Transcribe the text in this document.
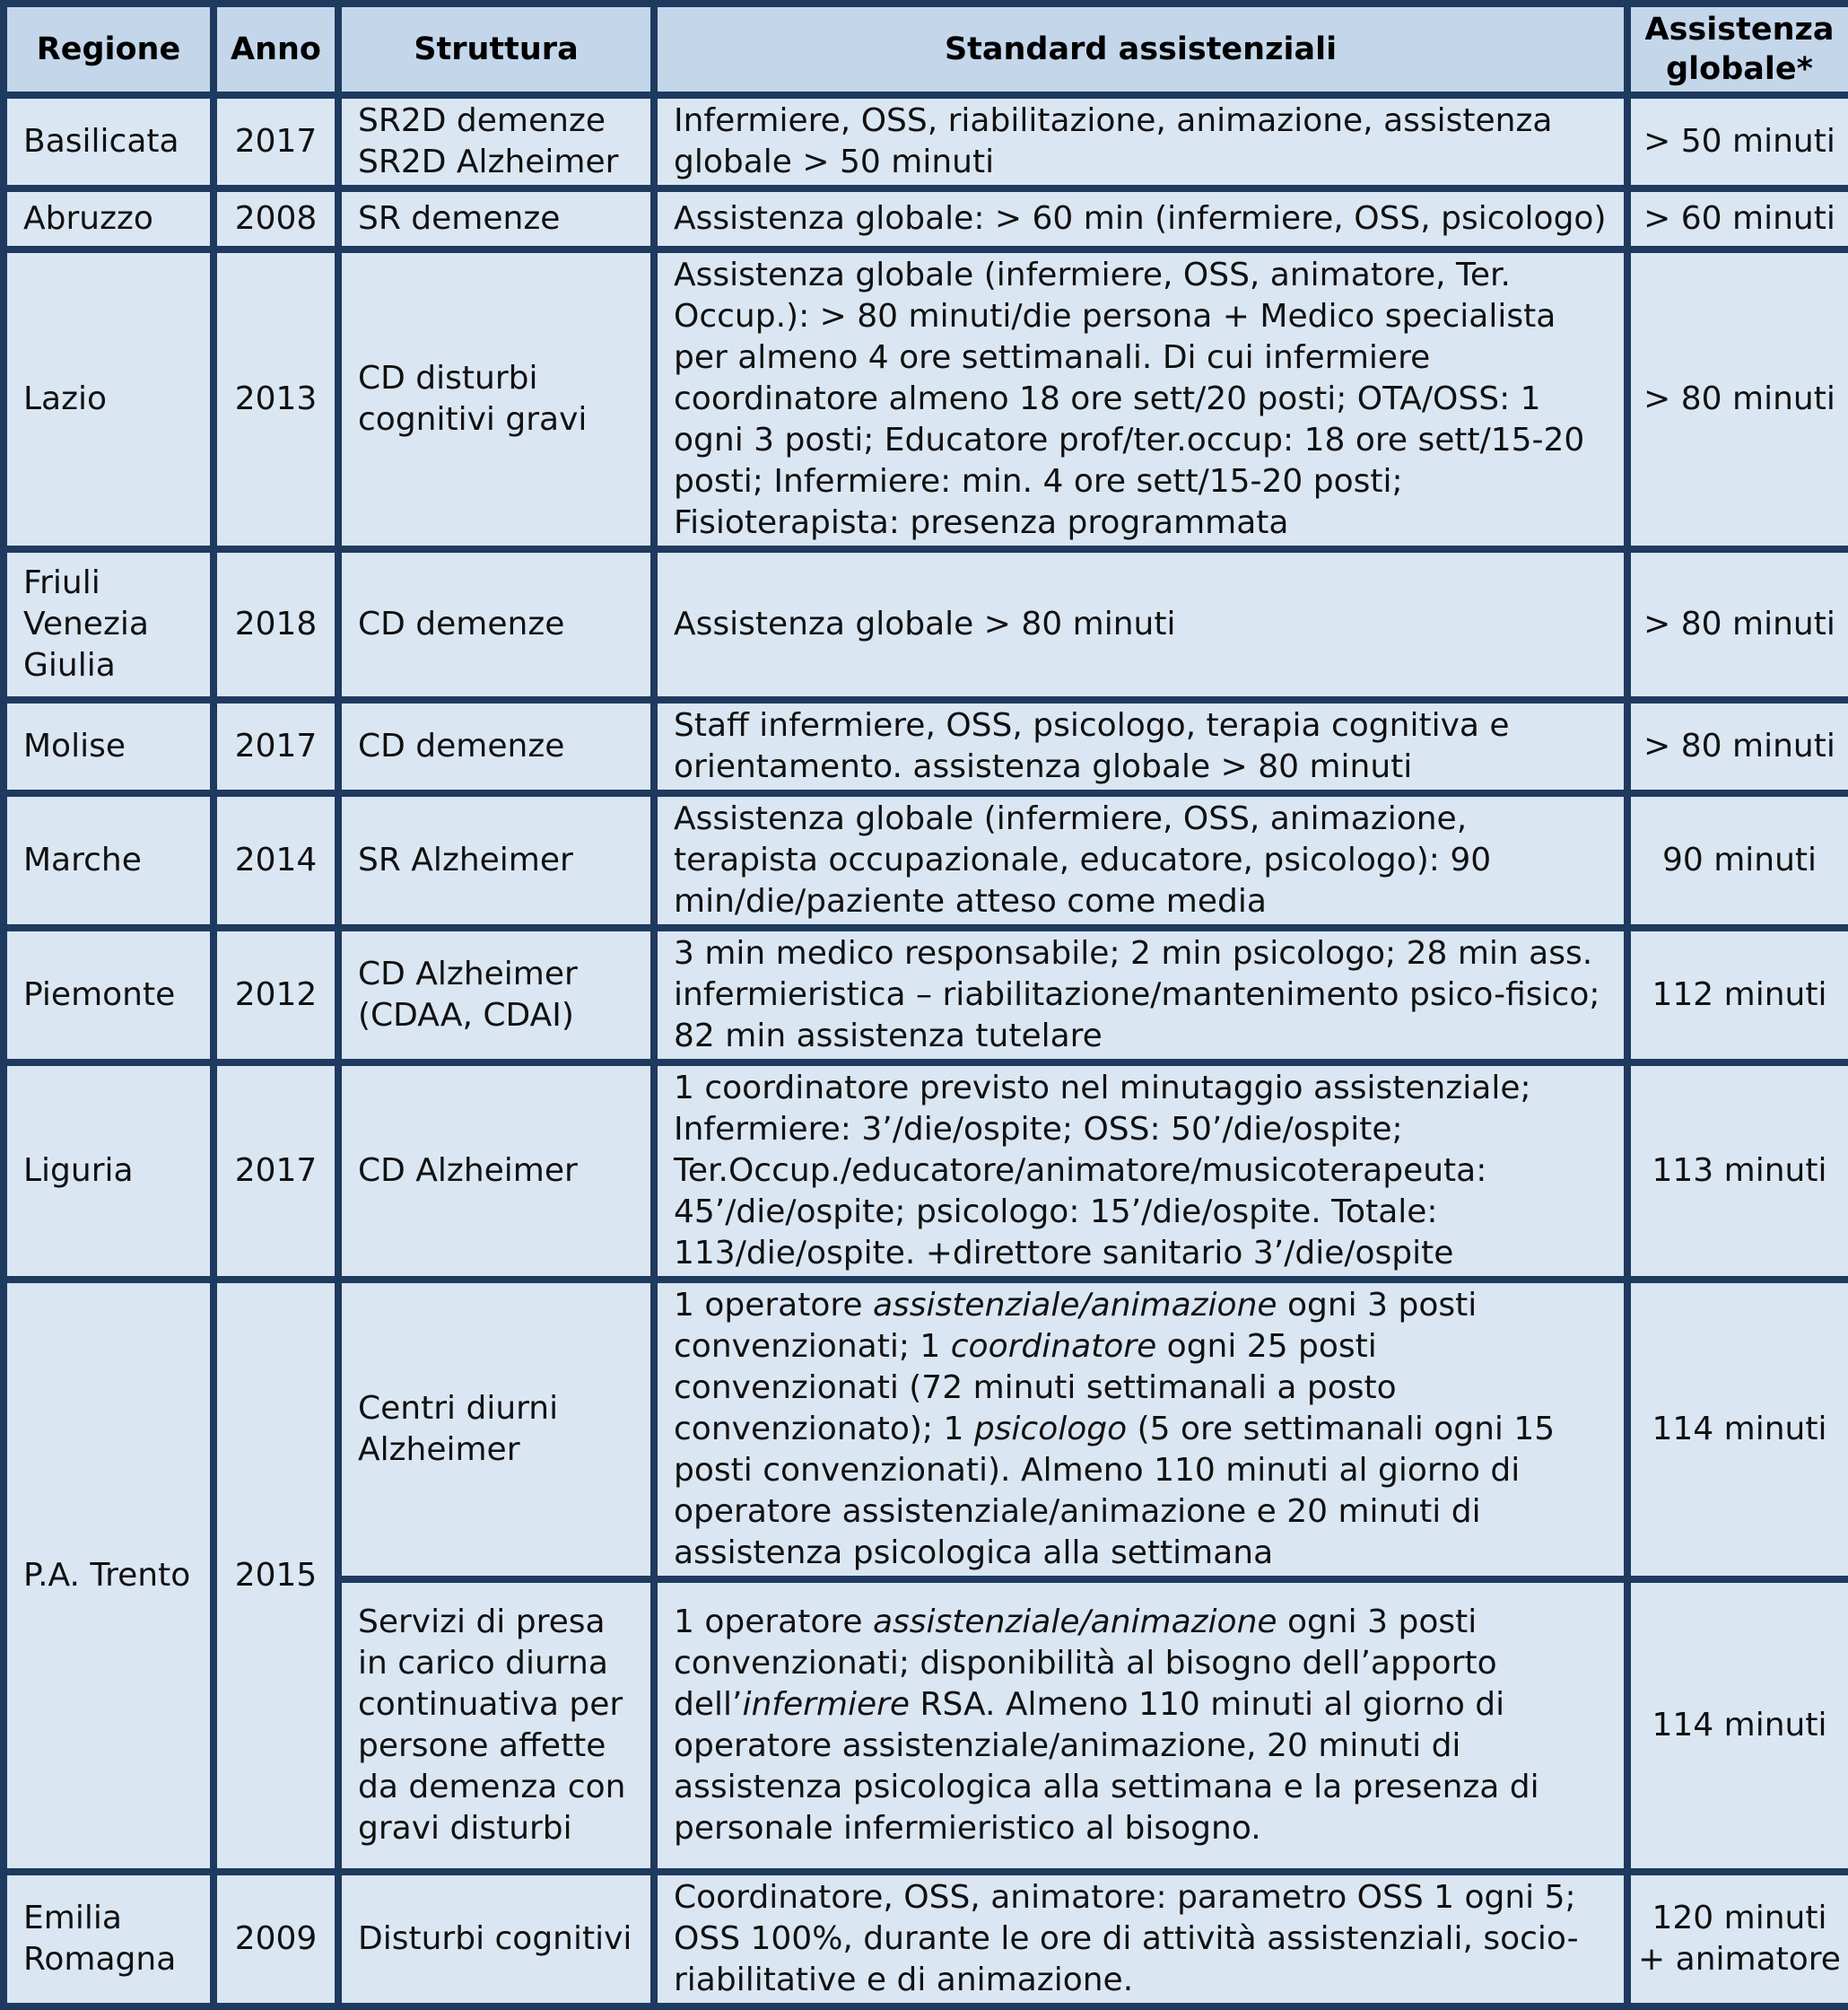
Regione	Anno	Struttura	Standard assistenziali	Assistenza globale*
Basilicata	2017	SR2D demenze SR2D Alzheimer	Infermiere, OSS, riabilitazione, animazione, assistenza globale > 50 minuti	> 50 minuti
Abruzzo	2008	SR demenze	Assistenza globale: > 60 min (infermiere, OSS, psicologo)	> 60 minuti
Lazio	2013	CD disturbi cognitivi gravi	Assistenza globale (infermiere, OSS, animatore, Ter. Occup.): > 80 minuti/die persona + Medico specialista per almeno 4 ore settimanali. Di cui infermiere coordinatore almeno 18 ore sett/20 posti; OTA/OSS: 1 ogni 3 posti; Educatore prof/ter.occup: 18 ore sett/15-20 posti; Infermiere: min. 4 ore sett/15-20 posti; Fisioterapista: presenza programmata	> 80 minuti
Friuli Venezia Giulia	2018	CD demenze	Assistenza globale > 80 minuti	> 80 minuti
Molise	2017	CD demenze	Staff infermiere, OSS, psicologo, terapia cognitiva e orientamento. assistenza globale > 80 minuti	> 80 minuti
Marche	2014	SR Alzheimer	Assistenza globale (infermiere, OSS, animazione, terapista occupazionale, educatore, psicologo): 90 min/die/paziente atteso come media	90 minuti
Piemonte	2012	CD Alzheimer (CDAA, CDAI)	3 min medico responsabile; 2 min psicologo; 28 min ass. infermieristica – riabilitazione/mantenimento psico-fisico; 82 min assistenza tutelare	112 minuti
Liguria	2017	CD Alzheimer	1 coordinatore previsto nel minutaggio assistenziale; Infermiere: 3’/die/ospite; OSS: 50’/die/ospite; Ter.Occup./educatore/animatore/musicoterapeuta: 45’/die/ospite; psicologo: 15’/die/ospite. Totale: 113/die/ospite. +direttore sanitario 3’/die/ospite	113 minuti
P.A. Trento	2015	Centri diurni Alzheimer	1 operatore assistenziale/animazione ogni 3 posti convenzionati; 1 coordinatore ogni 25 posti convenzionati (72 minuti settimanali a posto convenzionato); 1 psicologo (5 ore settimanali ogni 15 posti convenzionati). Almeno 110 minuti al giorno di operatore assistenziale/animazione e 20 minuti di assistenza psicologica alla settimana	114 minuti
		Servizi di presa in carico diurna continuativa per persone affette da demenza con gravi disturbi	1 operatore assistenziale/animazione ogni 3 posti convenzionati; disponibilità al bisogno dell’apporto dell’infermiere RSA. Almeno 110 minuti al giorno di operatore assistenziale/animazione, 20 minuti di assistenza psicologica alla settimana e la presenza di personale infermieristico al bisogno.	114 minuti
Emilia Romagna	2009	Disturbi cognitivi	Coordinatore, OSS, animatore: parametro OSS 1 ogni 5; OSS 100%, durante le ore di attività assistenziali, socio-riabilitative e di animazione.	120 minuti + animatore
